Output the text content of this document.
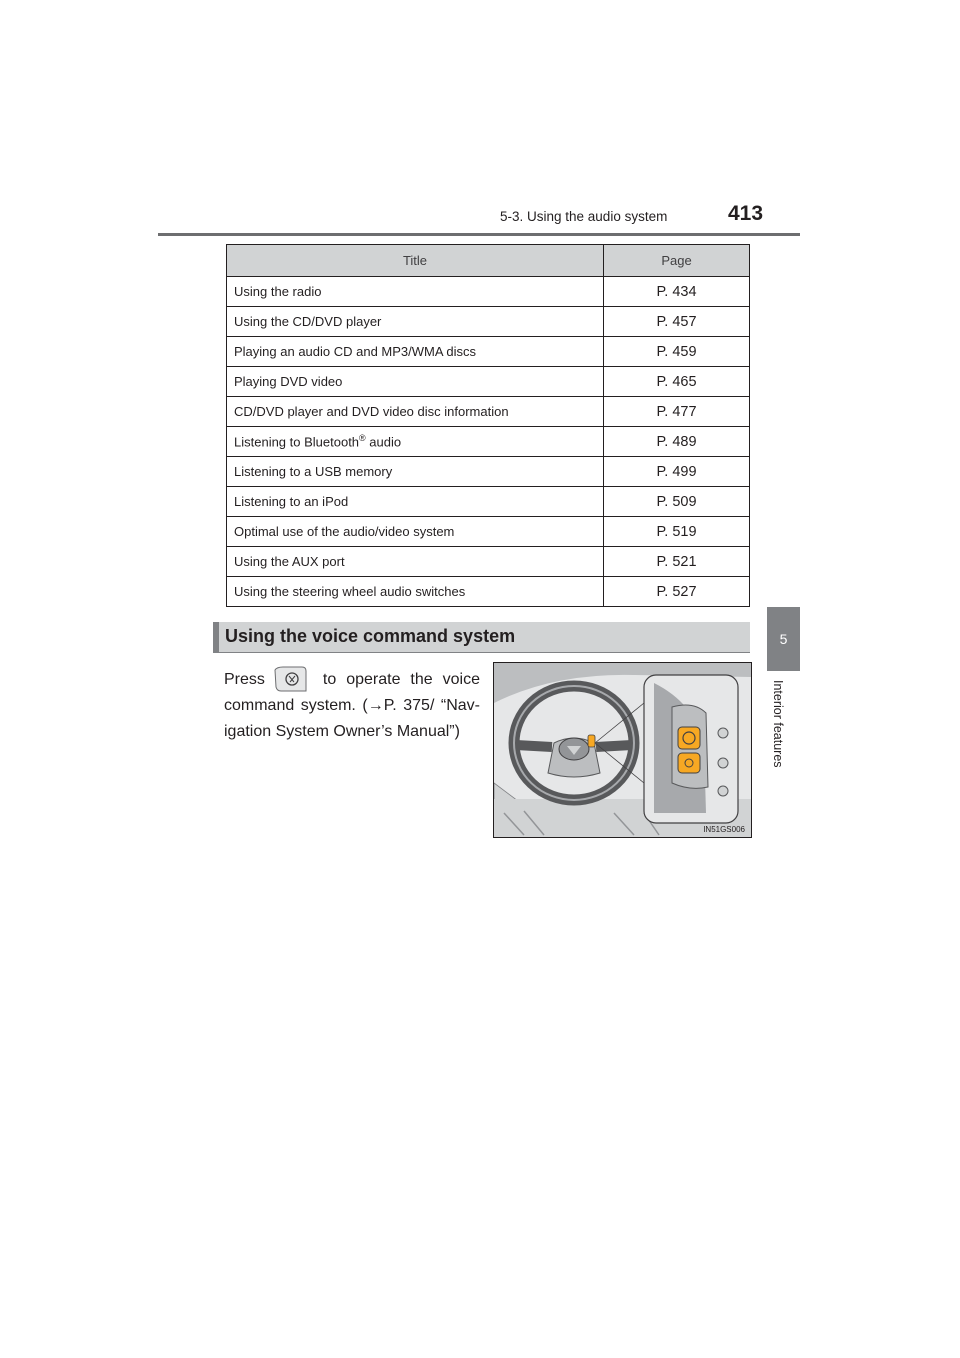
5-3. Using the audio system	413
5
Interior features
Title	Page
Using the radio	P. 434
Using the CD/DVD player	P. 457
Playing an audio CD and MP3/WMA discs	P. 459
Playing DVD video	P. 465
CD/DVD player and DVD video disc information	P. 477
Listening to Bluetooth® audio	P. 489
Listening to a USB memory	P. 499
Listening to an iPod	P. 509
Optimal use of the audio/video system	P. 519
Using the AUX port	P. 521
Using the steering wheel audio switches	P. 527
Using the voice command system
Press	to operate the voice command system. (→P. 375/ “Nav-igation System Owner’s Manual”)
IN51GS006
